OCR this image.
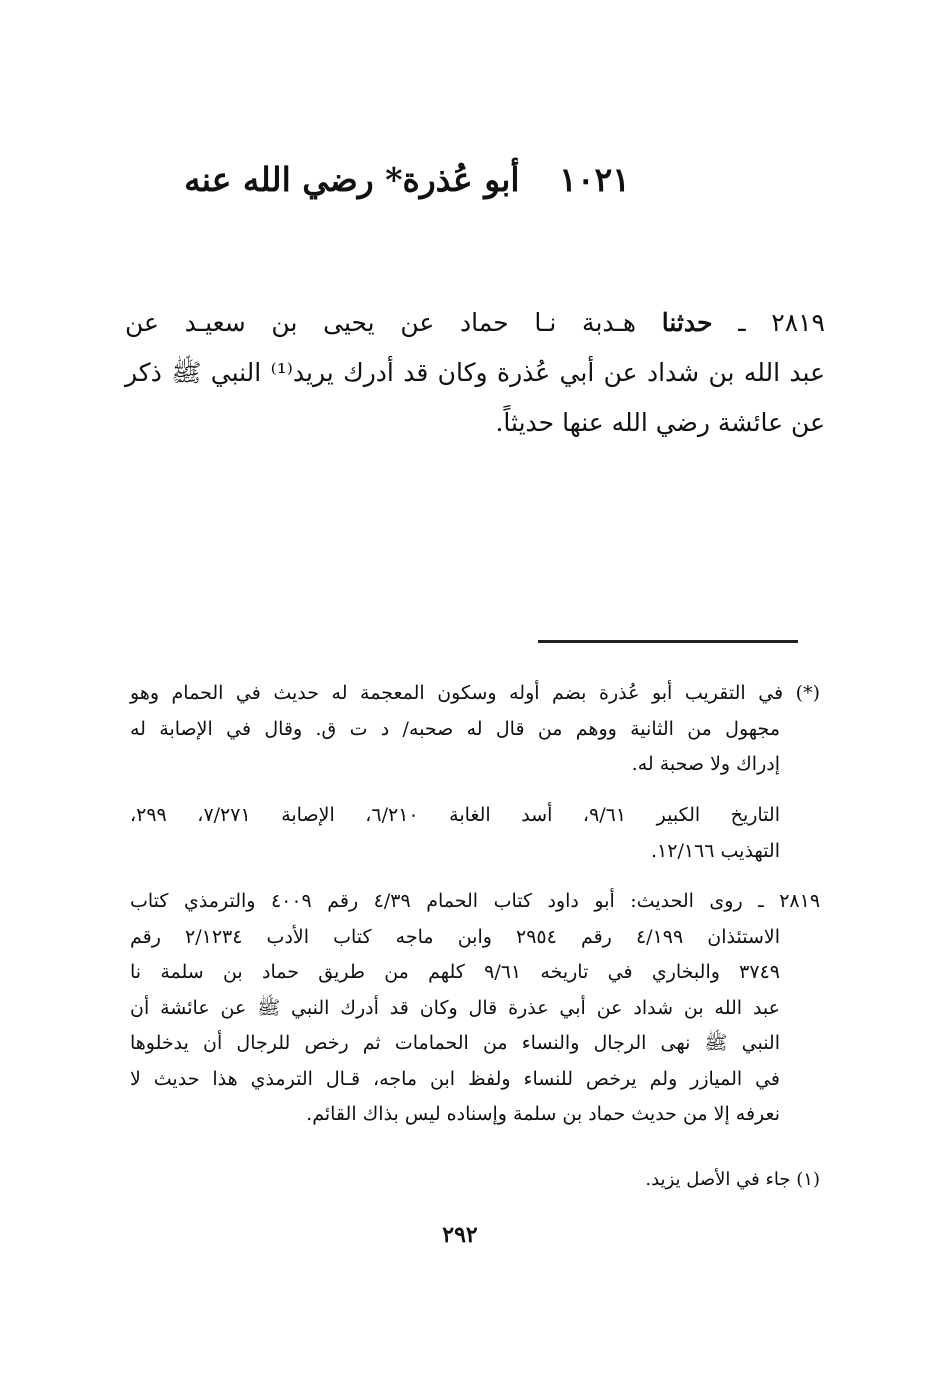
١٠٢١ أبو عُذرة* رضي الله عنه
٢٨١٩ ـ حدثنا هـدبة نـا حماد عن يحيى بن سعيـد عن
عبد الله بن شداد عن أبي عُذرة وكان قد أدرك يريد⁽¹⁾ النبي ﷺ ذكر
عن عائشة رضي الله عنها حديثاً.
(*) في التقريب أبو عُذرة بضم أوله وسكون المعجمة له حديث في الحمام وهو
مجهول من الثانية ووهم من قال له صحبه/ د ت ق. وقال في الإصابة له
إدراك ولا صحبة له.
التاريخ الكبير ٩/٦١، أسد الغابة ٦/٢١٠، الإصابة ٧/٢٧١، ٢٩٩،
التهذيب ١٢/١٦٦.
٢٨١٩ ـ روى الحديث: أبو داود كتاب الحمام ٤/٣٩ رقم ٤٠٠٩ والترمذي كتاب
الاستئذان ٤/١٩٩ رقم ٢٩٥٤ وابن ماجه كتاب الأدب ٢/١٢٣٤ رقم
٣٧٤٩ والبخاري في تاريخه ٩/٦١ كلهم من طريق حماد بن سلمة نا
عبد الله بن شداد عن أبي عذرة قال وكان قد أدرك النبي ﷺ عن عائشة أن
النبي ﷺ نهى الرجال والنساء من الحمامات ثم رخص للرجال أن يدخلوها
في الميازر ولم يرخص للنساء ولفظ ابن ماجه، قـال الترمذي هذا حديث لا
نعرفه إلا من حديث حماد بن سلمة وإسناده ليس بذاك القائم.
(١) جاء في الأصل يزيد.
٢٩٢
